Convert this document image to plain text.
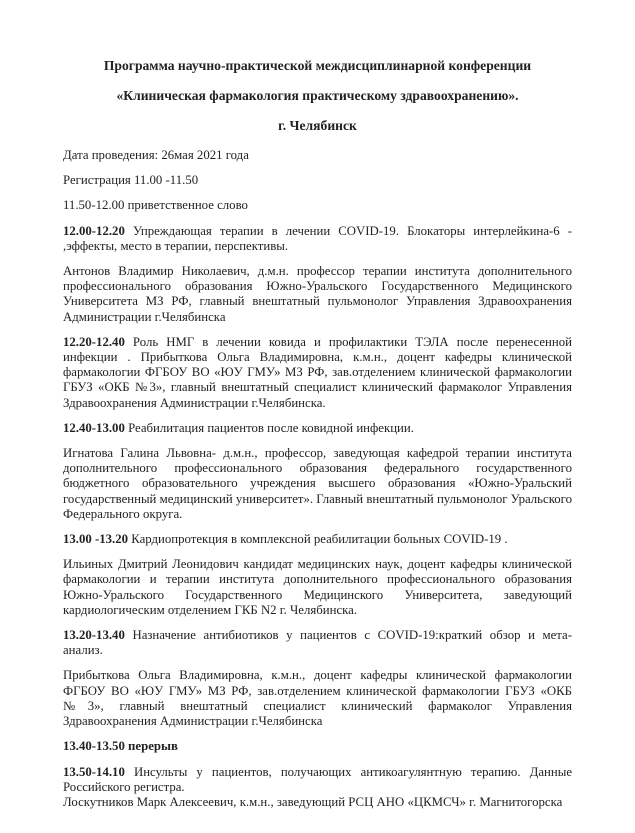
Программа научно-практической междисциплинарной конференции

«Клиническая фармакология практическому здравоохранению».

г. Челябинск

Дата проведения: 26мая 2021 года

Регистрация 11.00 -11.50

11.50-12.00 приветственное слово

12.00-12.20 Упреждающая терапии в лечении COVID-19. Блокаторы интерлейкина-6 - ,эффекты, место в терапии, перспективы.

Антонов Владимир Николаевич, д.м.н. профессор терапии института дополнительного профессионального образования Южно-Уральского Государственного Медицинского Университета МЗ РФ, главный внештатный пульмонолог Управления Здравоохранения Администрации г.Челябинска

12.20-12.40 Роль НМГ в лечении ковида и профилактики ТЭЛА после перенесенной инфекции . Прибыткова Ольга Владимировна, к.м.н., доцент кафедры клинической фармакологии ФГБОУ ВО «ЮУ ГМУ» МЗ РФ, зав.отделением клинической фармакологии ГБУЗ «ОКБ №3», главный внештатный специалист клинический фармаколог Управления Здравоохранения Администрации г.Челябинска.

12.40-13.00 Реабилитация пациентов после ковидной инфекции.

Игнатова Галина Львовна- д.м.н., профессор, заведующая кафедрой терапии института дополнительного профессионального образования федерального государственного бюджетного образовательного учреждения высшего образования «Южно-Уральский государственный медицинский университет». Главный внештатный пульмонолог Уральского Федерального округа.

13.00 -13.20 Кардиопротекция в комплексной реабилитации больных COVID-19 .

Ильиных Дмитрий Леонидович кандидат медицинских наук, доцент кафедры клинической фармакологии и терапии института дополнительного профессионального образования Южно-Уральского Государственного Медицинского Университета, заведующий кардиологическим отделением ГКБ N2 г. Челябинска.

13.20-13.40 Назначение антибиотиков у пациентов с COVID-19:краткий обзор и мета-анализ.

Прибыткова Ольга Владимировна, к.м.н., доцент кафедры клинической фармакологии ФГБОУ ВО «ЮУ ГМУ» МЗ РФ, зав.отделением клинической фармакологии ГБУЗ «ОКБ №3», главный внештатный специалист клинический фармаколог Управления Здравоохранения Администрации г.Челябинска

13.40-13.50 перерыв

13.50-14.10 Инсульты у пациентов, получающих антикоагулянтную терапию. Данные Российского регистра.
Лоскутников Марк Алексеевич, к.м.н., заведующий РСЦ АНО «ЦКМСЧ» г. Магнитогорска
